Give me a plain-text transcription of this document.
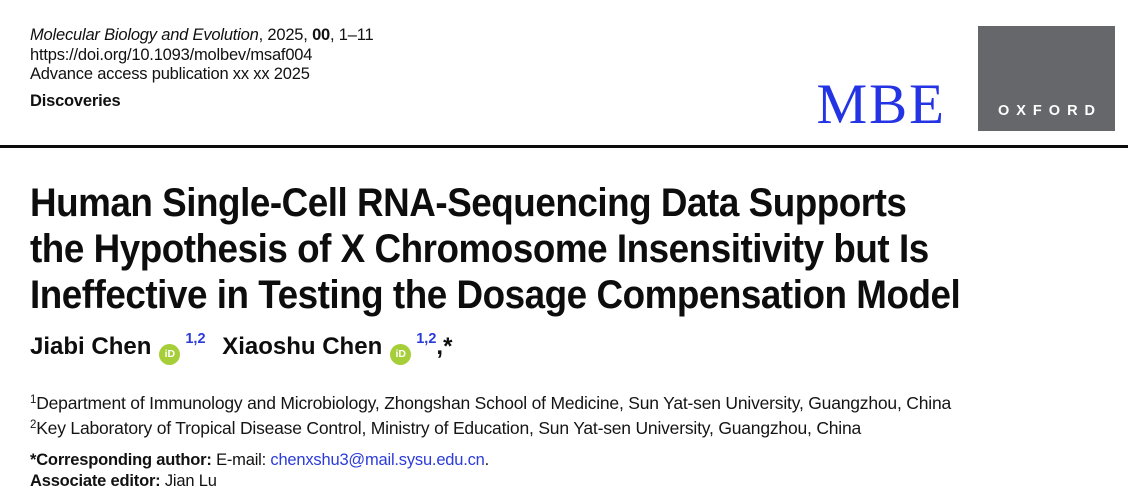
Molecular Biology and Evolution, 2025, 00, 1–11
https://doi.org/10.1093/molbev/msaf004
Advance access publication xx xx 2025
Discoveries	MBE	OXFORD
Human Single-Cell RNA-Sequencing Data Supports
the Hypothesis of X Chromosome Insensitivity but Is
Ineffective in Testing the Dosage Compensation Model
Jiabi Chen iD$^{1,2}$ Xiaoshu Chen iD$^{1,2}$,*
$^1$Department of Immunology and Microbiology, Zhongshan School of Medicine, Sun Yat-sen University, Guangzhou, China
$^2$Key Laboratory of Tropical Disease Control, Ministry of Education, Sun Yat-sen University, Guangzhou, China
*Corresponding author: E-mail: chenxshu3@mail.sysu.edu.cn.
Associate editor: Jian Lu
